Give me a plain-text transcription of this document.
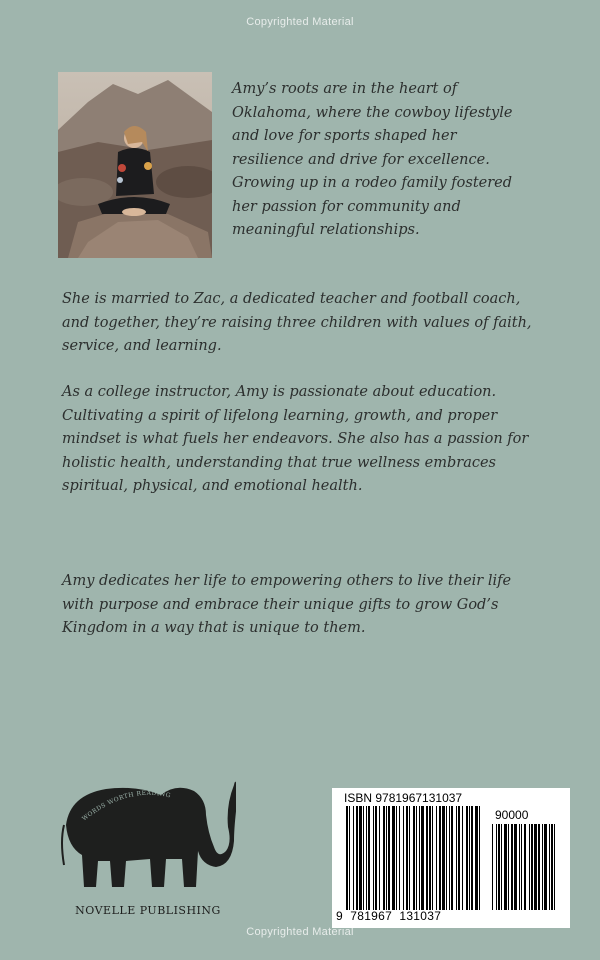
Copyrighted Material

Amy’s roots are in the heart of Oklahoma, where the cowboy lifestyle and love for sports shaped her resilience and drive for excellence. Growing up in a rodeo family fostered her passion for community and meaningful relationships.

She is married to Zac, a dedicated teacher and football coach, and together, they’re raising three children with values of faith, service, and learning.

As a college instructor, Amy is passionate about education. Cultivating a spirit of lifelong learning, growth, and proper mindset is what fuels her endeavors. She also has a passion for holistic health, understanding that true wellness embraces spiritual, physical, and emotional health.

Amy dedicates her life to empowering others to live their life with purpose and embrace their unique gifts to grow God’s Kingdom in a way that is unique to them.

WORDS WORTH READING
NOVELLE PUBLISHING
ISBN 9781967131037
90000
9  781967  131037
Copyrighted Material
